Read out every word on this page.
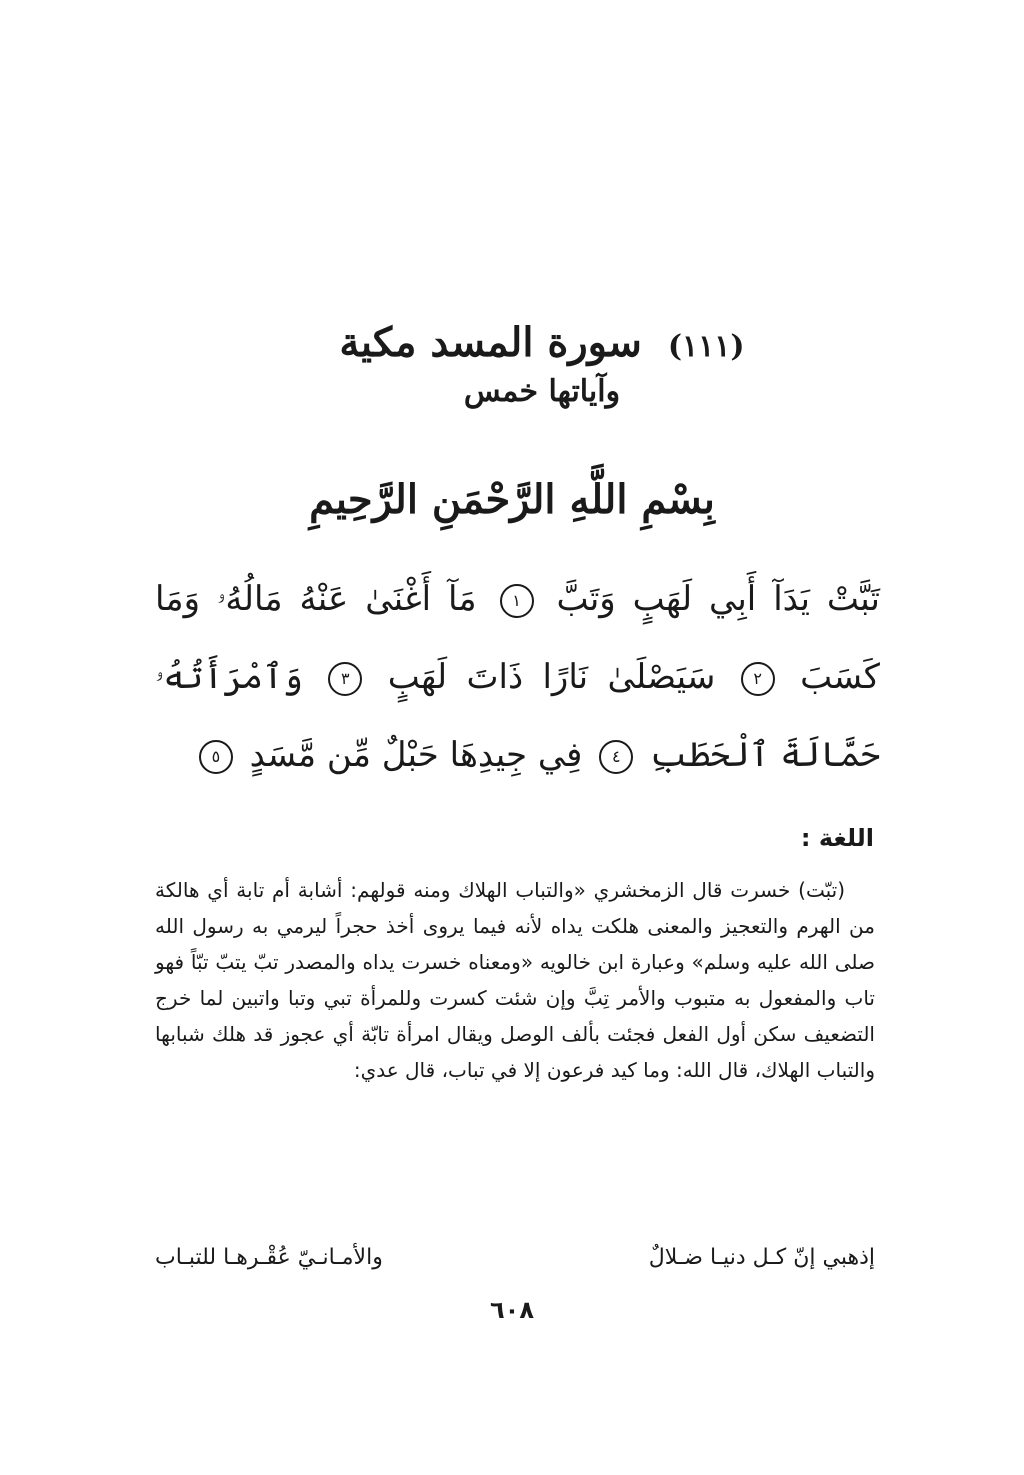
(١١١) سورة المسد مكية
وآياتها خمس
بِسْمِ اللَّهِ الرَّحْمَنِ الرَّحِيمِ
تَبَّتْ يَدَآ أَبِي لَهَبٍ وَتَبَّ ١ مَآ أَغْنَىٰ عَنْهُ مَالُهُۥ وَمَا كَسَبَ ٢ سَيَصْلَىٰ نَارًا ذَاتَ لَهَبٍ ٣ وَٱمْرَأَتُهُۥ حَمَّالَةَ ٱلْحَطَبِ ٤ فِي جِيدِهَا حَبْلٌ مِّن مَّسَدٍ ٥
اللغة :

(تبّت) خسرت قال الزمخشري «والتباب الهلاك ومنه قولهم: أشابة أم تابة أي هالكة من الهرم والتعجيز والمعنى هلكت يداه لأنه فيما يروى أخذ حجراً ليرمي به رسول الله صلى الله عليه وسلم» وعبارة ابن خالويه «ومعناه خسرت يداه والمصدر تبّ يتبّ تبّاً فهو تاب والمفعول به متبوب والأمر تِبَّ وإن شئت كسرت وللمرأة تبي وتبا واتبين لما خرج التضعيف سكن أول الفعل فجئت بألف الوصل ويقال امرأة تابّة أي عجوز قد هلك شبابها والتباب الهلاك، قال الله: وما كيد فرعون إلا في تباب، قال عدي:

إذهبي إنّ كـل دنيـا ضـلالٌ
والأمـانـيّ عُقْـرهـا للتبـاب
٦٠٨
